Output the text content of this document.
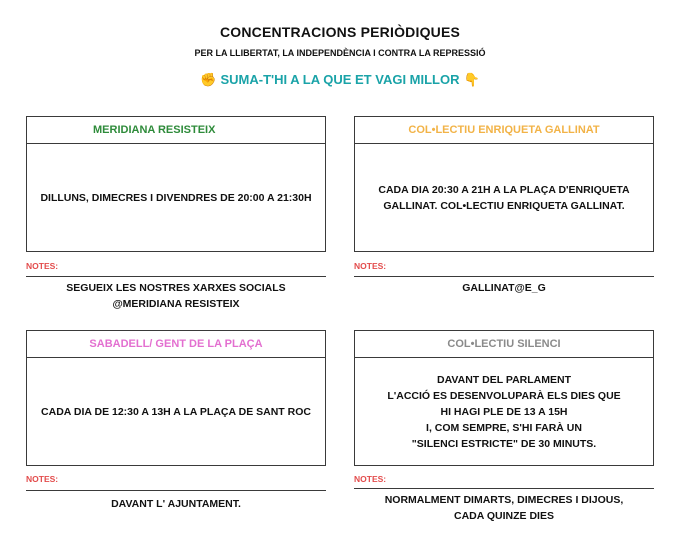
CONCENTRACIONS PERIÒDIQUES
PER LA LLIBERTAT, LA INDEPENDÈNCIA I CONTRA LA REPRESSIÓ
✊ SUMA-T'HI A LA QUE ET VAGI MILLOR 👇
MERIDIANA RESISTEIX
DILLUNS, DIMECRES I DIVENDRES DE 20:00 A 21:30H
NOTES:
SEGUEIX LES NOSTRES XARXES SOCIALS
@MERIDIANA RESISTEIX
COL•LECTIU ENRIQUETA GALLINAT
CADA DIA 20:30 A 21H A LA PLAÇA D'ENRIQUETA
GALLINAT. COL•LECTIU ENRIQUETA GALLINAT.
NOTES:
GALLINAT@E_G
SABADELL/ GENT DE LA PLAÇA
CADA DIA DE 12:30 A 13H A LA PLAÇA DE SANT ROC
NOTES:
DAVANT L' AJUNTAMENT.
COL•LECTIU SILENCI
DAVANT DEL PARLAMENT
L'ACCIÓ ES DESENVOLUPARÀ ELS DIES QUE
HI HAGI PLE DE 13 A 15H
I, COM SEMPRE, S'HI FARÀ UN
"SILENCI ESTRICTE" DE 30 MINUTS.
NOTES:
NORMALMENT DIMARTS, DIMECRES I DIJOUS,
CADA QUINZE DIES
